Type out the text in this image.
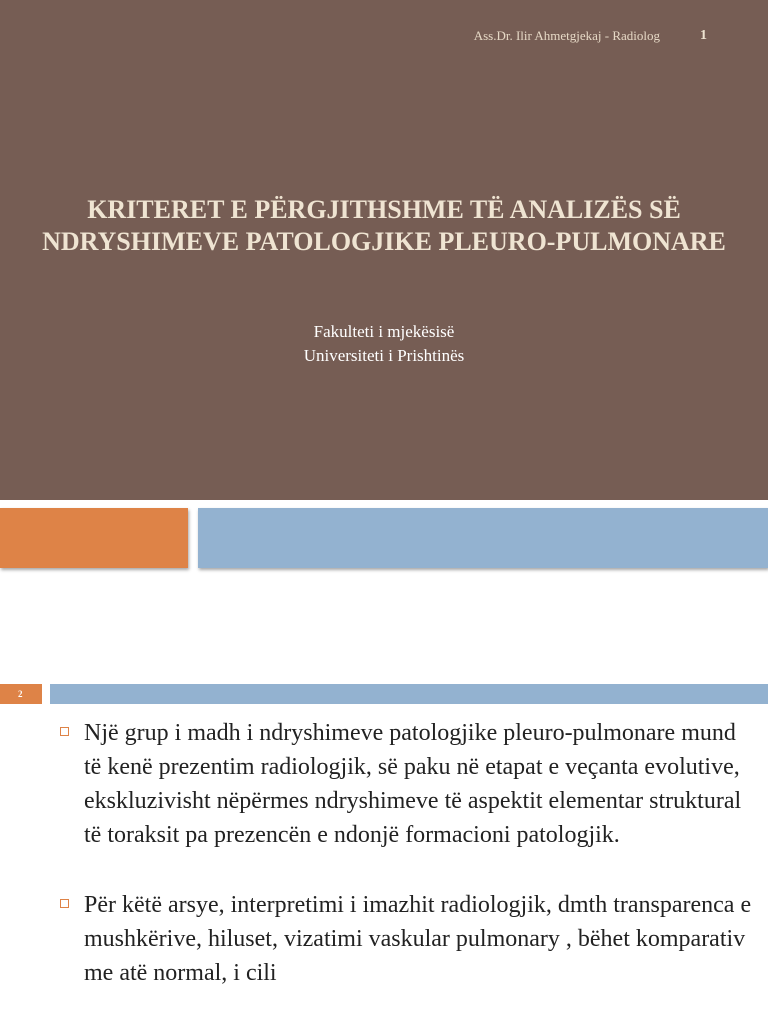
Ass.Dr. Ilir Ahmetgjekaj - Radiolog	1
KRITERET E PËRGJITHSHME TË ANALIZËS SË
NDRYSHIMEVE PATOLOGJIKE PLEURO-PULMONARE
Fakulteti i mjekësisë
Universiteti i Prishtinës
2
Një grup i madh i ndryshimeve patologjike pleuro-pulmonare mund të kenë prezentim radiologjik, së paku në etapat e veçanta evolutive, ekskluzivisht nëpërmes ndryshimeve të aspektit elementar struktural të toraksit pa prezencën e ndonjë formacioni patologjik.
Për këtë arsye, interpretimi i imazhit radiologjik, dmth transparenca e mushkërive, hiluset, vizatimi vaskular pulmonary , bëhet komparativ me atë normal, i cili
